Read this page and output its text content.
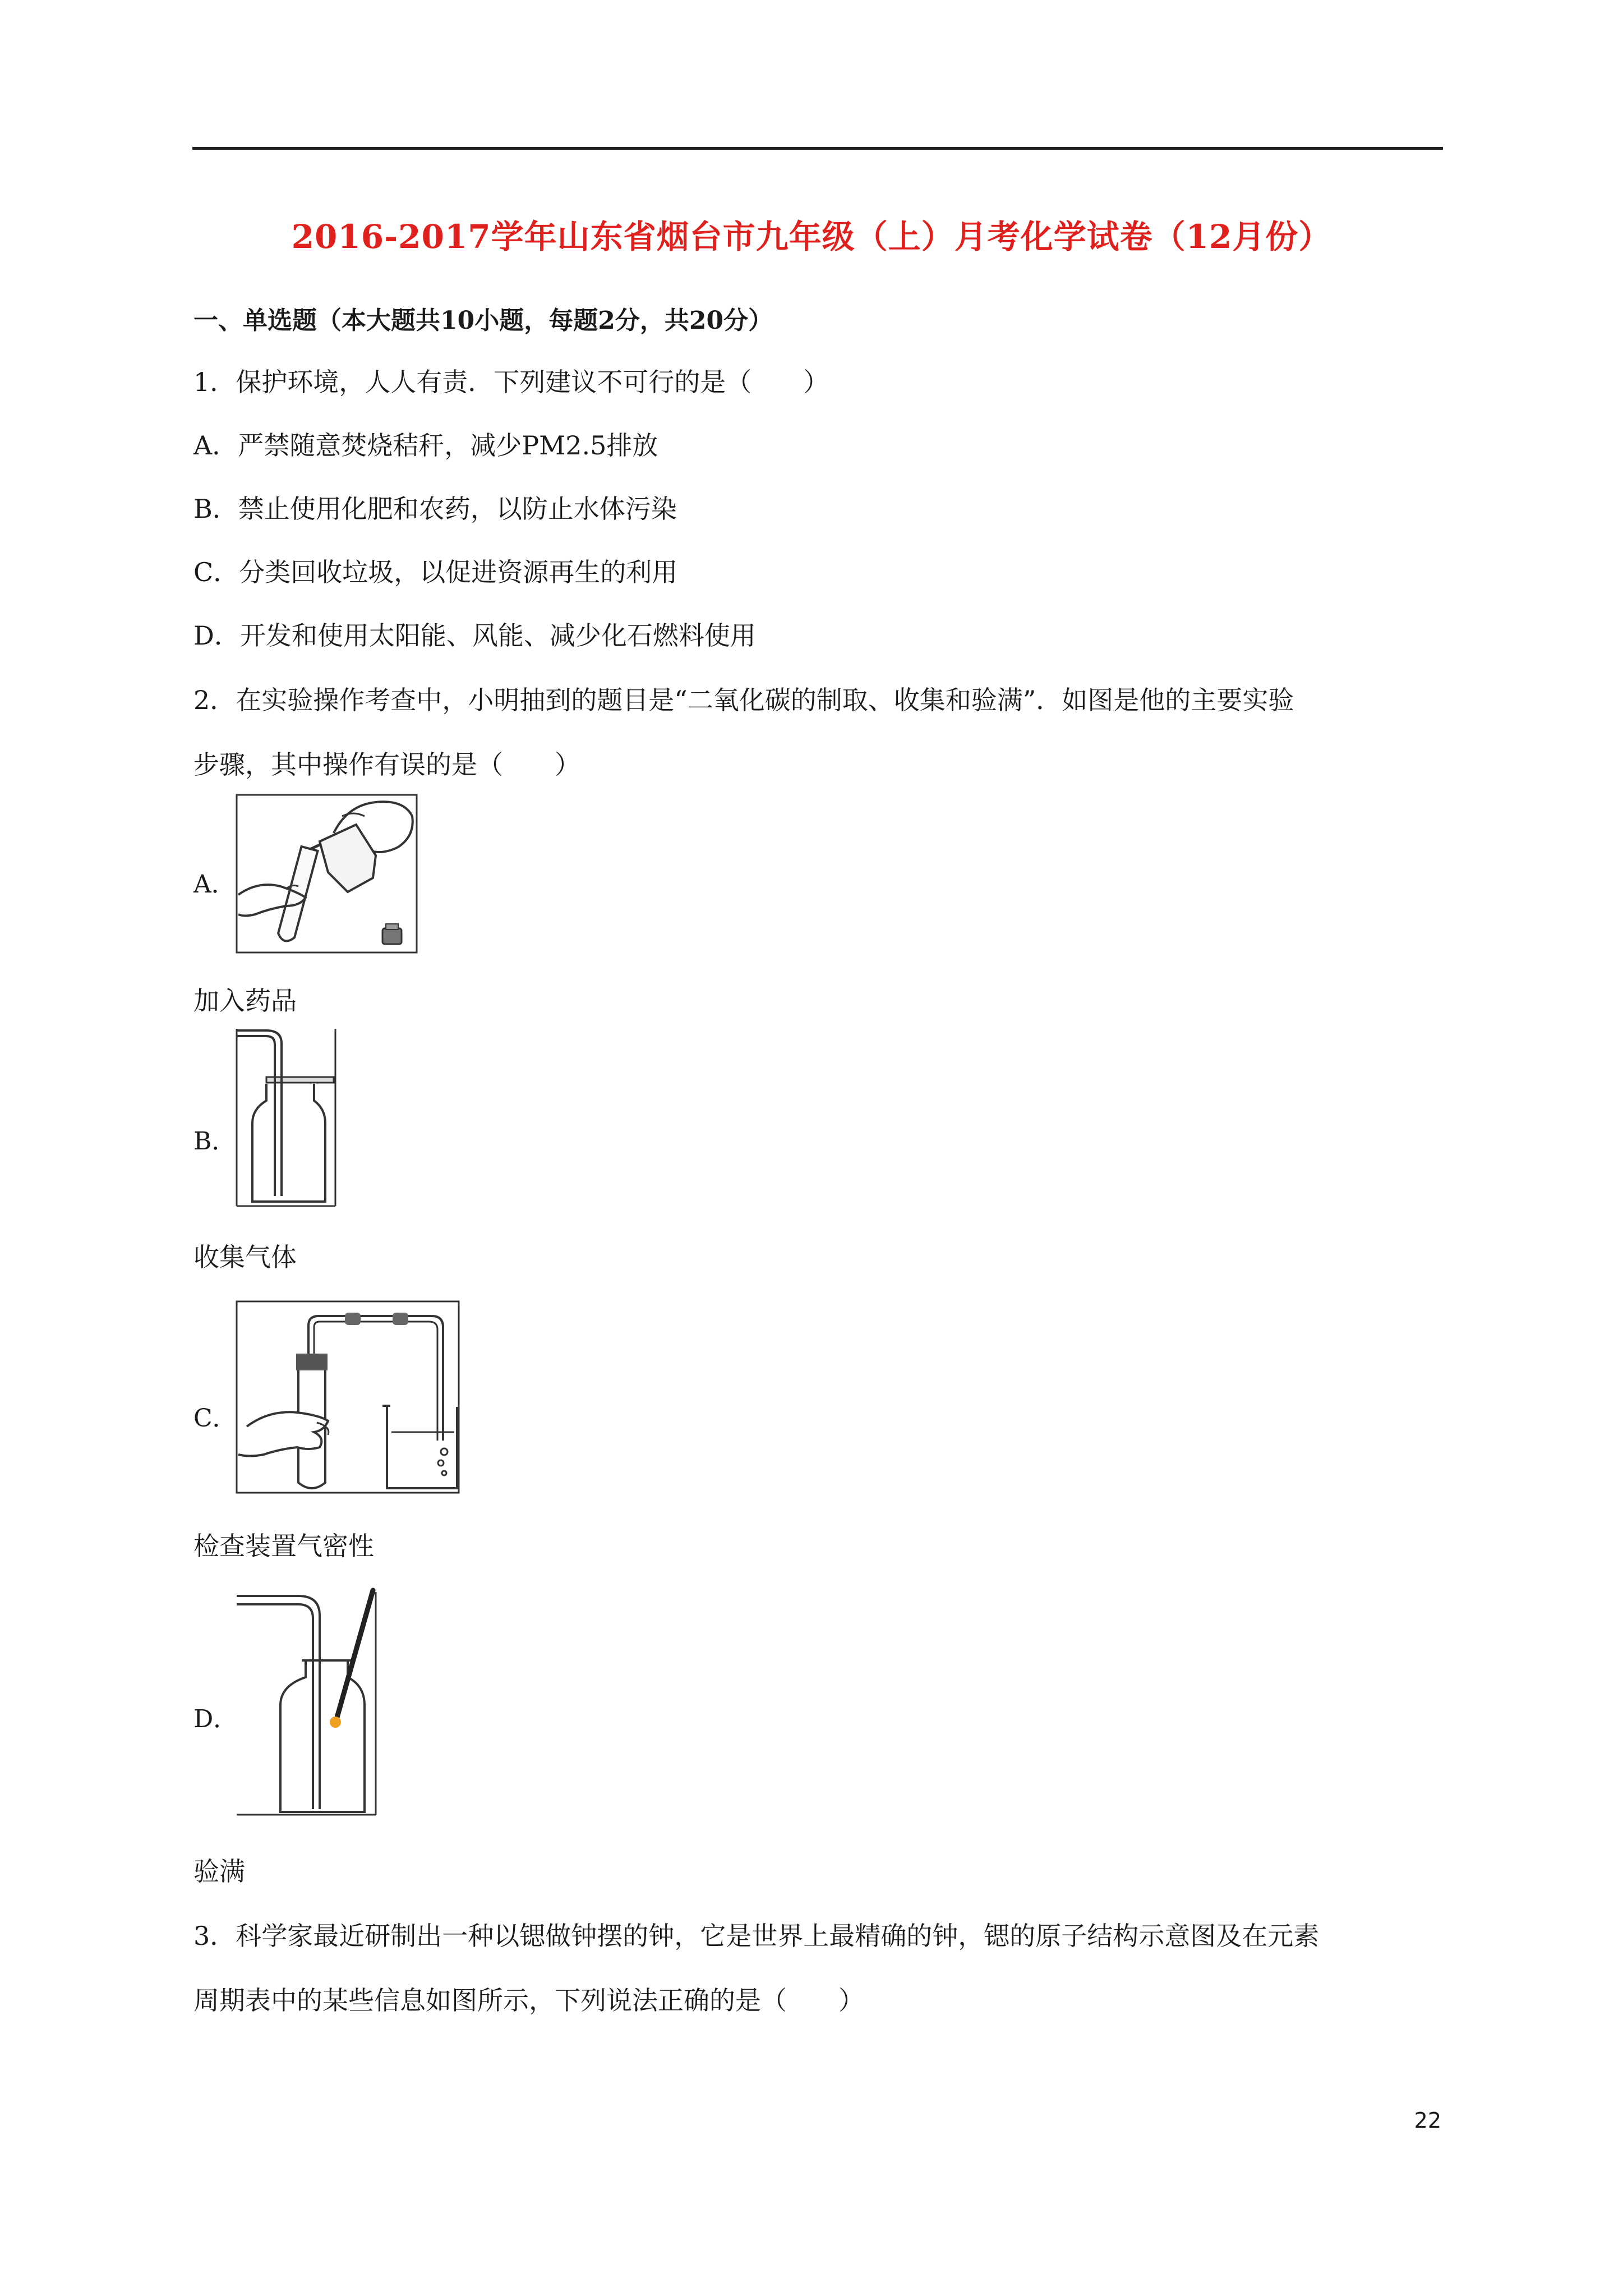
2016-2017学年山东省烟台市九年级（上）月考化学试卷（12月份）
一、单选题（本大题共10小题，每题2分，共20分）
1．保护环境，人人有责．下列建议不可行的是（　　）
A．严禁随意焚烧秸秆，减少PM2.5排放
B．禁止使用化肥和农药，以防止水体污染
C．分类回收垃圾，以促进资源再生的利用
D．开发和使用太阳能、风能、减少化石燃料使用
2．在实验操作考查中，小明抽到的题目是“二氧化碳的制取、收集和验满”．如图是他的主要实验
步骤，其中操作有误的是（　　）
A．
加入药品
B．
收集气体
C．
检查装置气密性
D．
验满
3．科学家最近研制出一种以锶做钟摆的钟，它是世界上最精确的钟，锶的原子结构示意图及在元素
周期表中的某些信息如图所示，下列说法正确的是（　　）
22
